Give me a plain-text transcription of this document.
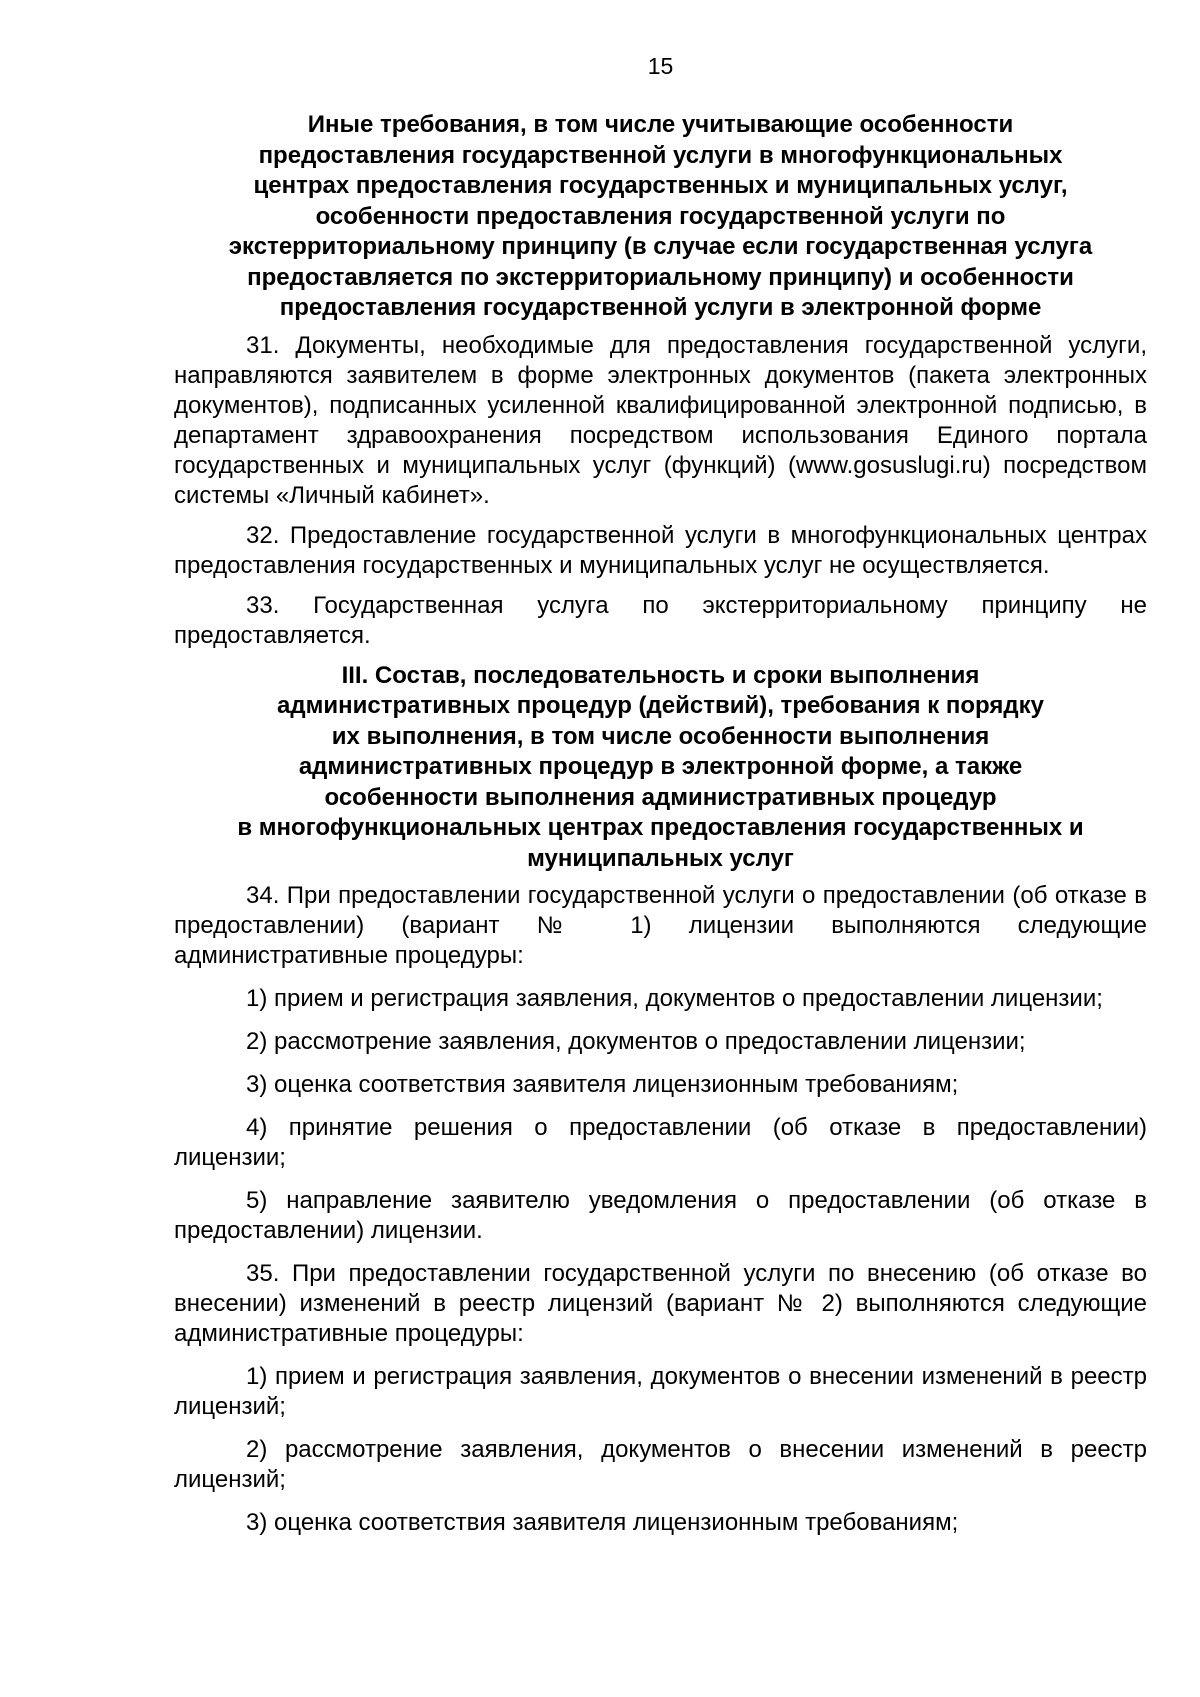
15
Иные требования, в том числе учитывающие особенности
предоставления государственной услуги в многофункциональных
центрах предоставления государственных и муниципальных услуг,
особенности предоставления государственной услуги по
экстерриториальному принципу (в случае если государственная услуга
предоставляется по экстерриториальному принципу) и особенности
предоставления государственной услуги в электронной форме

31. Документы, необходимые для предоставления государственной услуги, направляются заявителем в форме электронных документов (пакета электронных документов), подписанных усиленной квалифицированной электронной подписью, в департамент здравоохранения посредством использования Единого портала государственных и муниципальных услуг (функций) (www.gosuslugi.ru) посредством системы «Личный кабинет».

32. Предоставление государственной услуги в многофункциональных центрах предоставления государственных и муниципальных услуг не осуществляется.

33. Государственная услуга по экстерриториальному принципу не предоставляется.

III. Состав, последовательность и сроки выполнения
административных процедур (действий), требования к порядку
их выполнения, в том числе особенности выполнения
административных процедур в электронной форме, а также
особенности выполнения административных процедур
в многофункциональных центрах предоставления государственных и
муниципальных услуг

34. При предоставлении государственной услуги о предоставлении (об отказе в предоставлении) (вариант № 1) лицензии выполняются следующие административные процедуры:

1) прием и регистрация заявления, документов о предоставлении лицензии;

2) рассмотрение заявления, документов о предоставлении лицензии;

3) оценка соответствия заявителя лицензионным требованиям;

4) принятие решения о предоставлении (об отказе в предоставлении) лицензии;

5) направление заявителю уведомления о предоставлении (об отказе в предоставлении) лицензии.

35. При предоставлении государственной услуги по внесению (об отказе во внесении) изменений в реестр лицензий (вариант № 2) выполняются следующие административные процедуры:

1) прием и регистрация заявления, документов о внесении изменений в реестр лицензий;

2) рассмотрение заявления, документов о внесении изменений в реестр лицензий;

3) оценка соответствия заявителя лицензионным требованиям;
